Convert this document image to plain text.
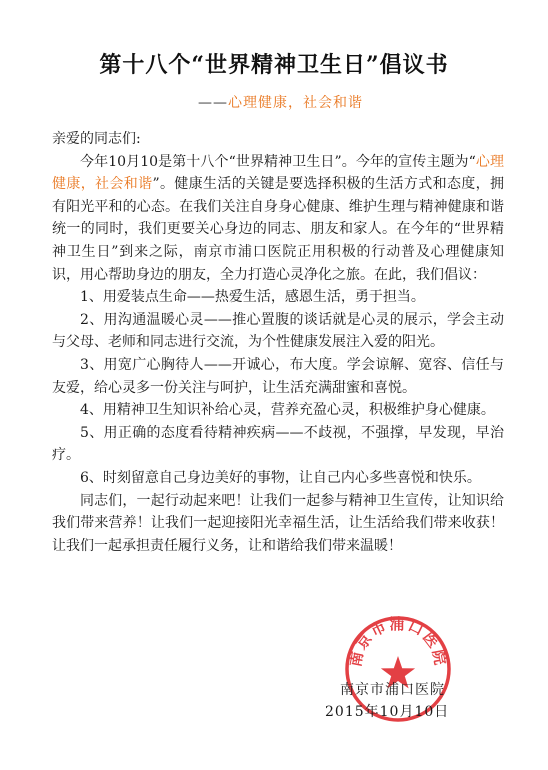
第十八个“世界精神卫生日”倡议书
——心理健康，社会和谐

亲爱的同志们:

今年10月10是第十八个“世界精神卫生日”。今年的宣传主题为“心理健康，社会和谐”。健康生活的关键是要选择积极的生活方式和态度，拥有阳光平和的心态。在我们关注自身身心健康、维护生理与精神健康和谐统一的同时，我们更要关心身边的同志、朋友和家人。在今年的“世界精神卫生日”到来之际，南京市浦口医院正用积极的行动普及心理健康知识，用心帮助身边的朋友，全力打造心灵净化之旅。在此，我们倡议：

1、用爱装点生命——热爱生活，感恩生活，勇于担当。

2、用沟通温暖心灵——推心置腹的谈话就是心灵的展示，学会主动与父母、老师和同志进行交流，为个性健康发展注入爱的阳光。

3、用宽广心胸待人——开诚心，布大度。学会谅解、宽容、信任与友爱，给心灵多一份关注与呵护，让生活充满甜蜜和喜悦。

4、用精神卫生知识补给心灵，营养充盈心灵，积极维护身心健康。

5、用正确的态度看待精神疾病——不歧视，不强撑，早发现，早治疗。

6、时刻留意自己身边美好的事物，让自己内心多些喜悦和快乐。

同志们，一起行动起来吧！让我们一起参与精神卫生宣传，让知识给我们带来营养！让我们一起迎接阳光幸福生活，让生活给我们带来收获！让我们一起承担责任履行义务，让和谐给我们带来温暖！

南京市浦口医院
南京市浦口医院
2015年10月10日
